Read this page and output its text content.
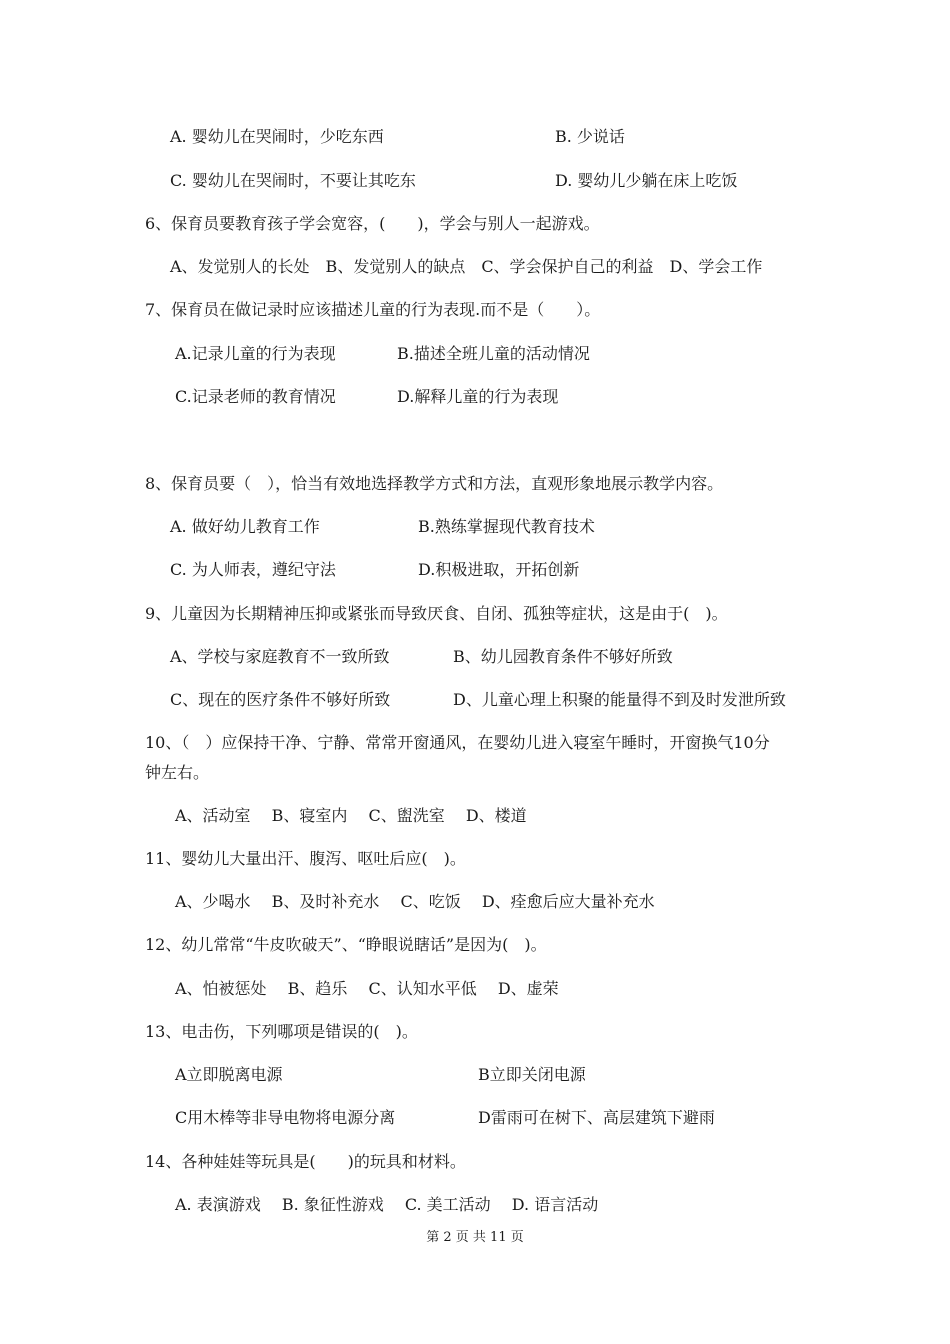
A. 婴幼儿在哭闹时，少吃东西	B. 少说话
C. 婴幼儿在哭闹时，不要让其吃东	D. 婴幼儿少躺在床上吃饭
6、保育员要教育孩子学会宽容，(　　)，学会与别人一起游戏。
A、发觉别人的长处　B、发觉别人的缺点　C、学会保护自己的利益　D、学会工作
7、保育员在做记录时应该描述儿童的行为表现.而不是（　　）。
A.记录儿童的行为表现	B.描述全班儿童的活动情况
C.记录老师的教育情况	D.解释儿童的行为表现
8、保育员要（　），恰当有效地选择教学方式和方法，直观形象地展示教学内容。
A. 做好幼儿教育工作	B.熟练掌握现代教育技术
C. 为人师表，遵纪守法	D.积极进取，开拓创新
9、儿童因为长期精神压抑或紧张而导致厌食、自闭、孤独等症状，这是由于(　)。
A、学校与家庭教育不一致所致	B、幼儿园教育条件不够好所致
C、现在的医疗条件不够好所致	D、儿童心理上积聚的能量得不到及时发泄所致
10、（　）应保持干净、宁静、常常开窗通风，在婴幼儿进入寝室午睡时，开窗换气10分
钟左右。
A、活动室　 B、寝室内　 C、盥洗室　 D、楼道
11、婴幼儿大量出汗、腹泻、呕吐后应(　)。
A、少喝水　 B、及时补充水　 C、吃饭　 D、痊愈后应大量补充水
12、幼儿常常“牛皮吹破天”、“睁眼说瞎话”是因为(　)。
A、怕被惩处　 B、趋乐　 C、认知水平低　 D、虚荣
13、电击伤，下列哪项是错误的(　)。
A立即脱离电源	B立即关闭电源
C用木棒等非导电物将电源分离	D雷雨可在树下、高层建筑下避雨
14、各种娃娃等玩具是(　　)的玩具和材料。
A. 表演游戏　 B. 象征性游戏　 C. 美工活动　 D. 语言活动
第 2 页 共 11 页
